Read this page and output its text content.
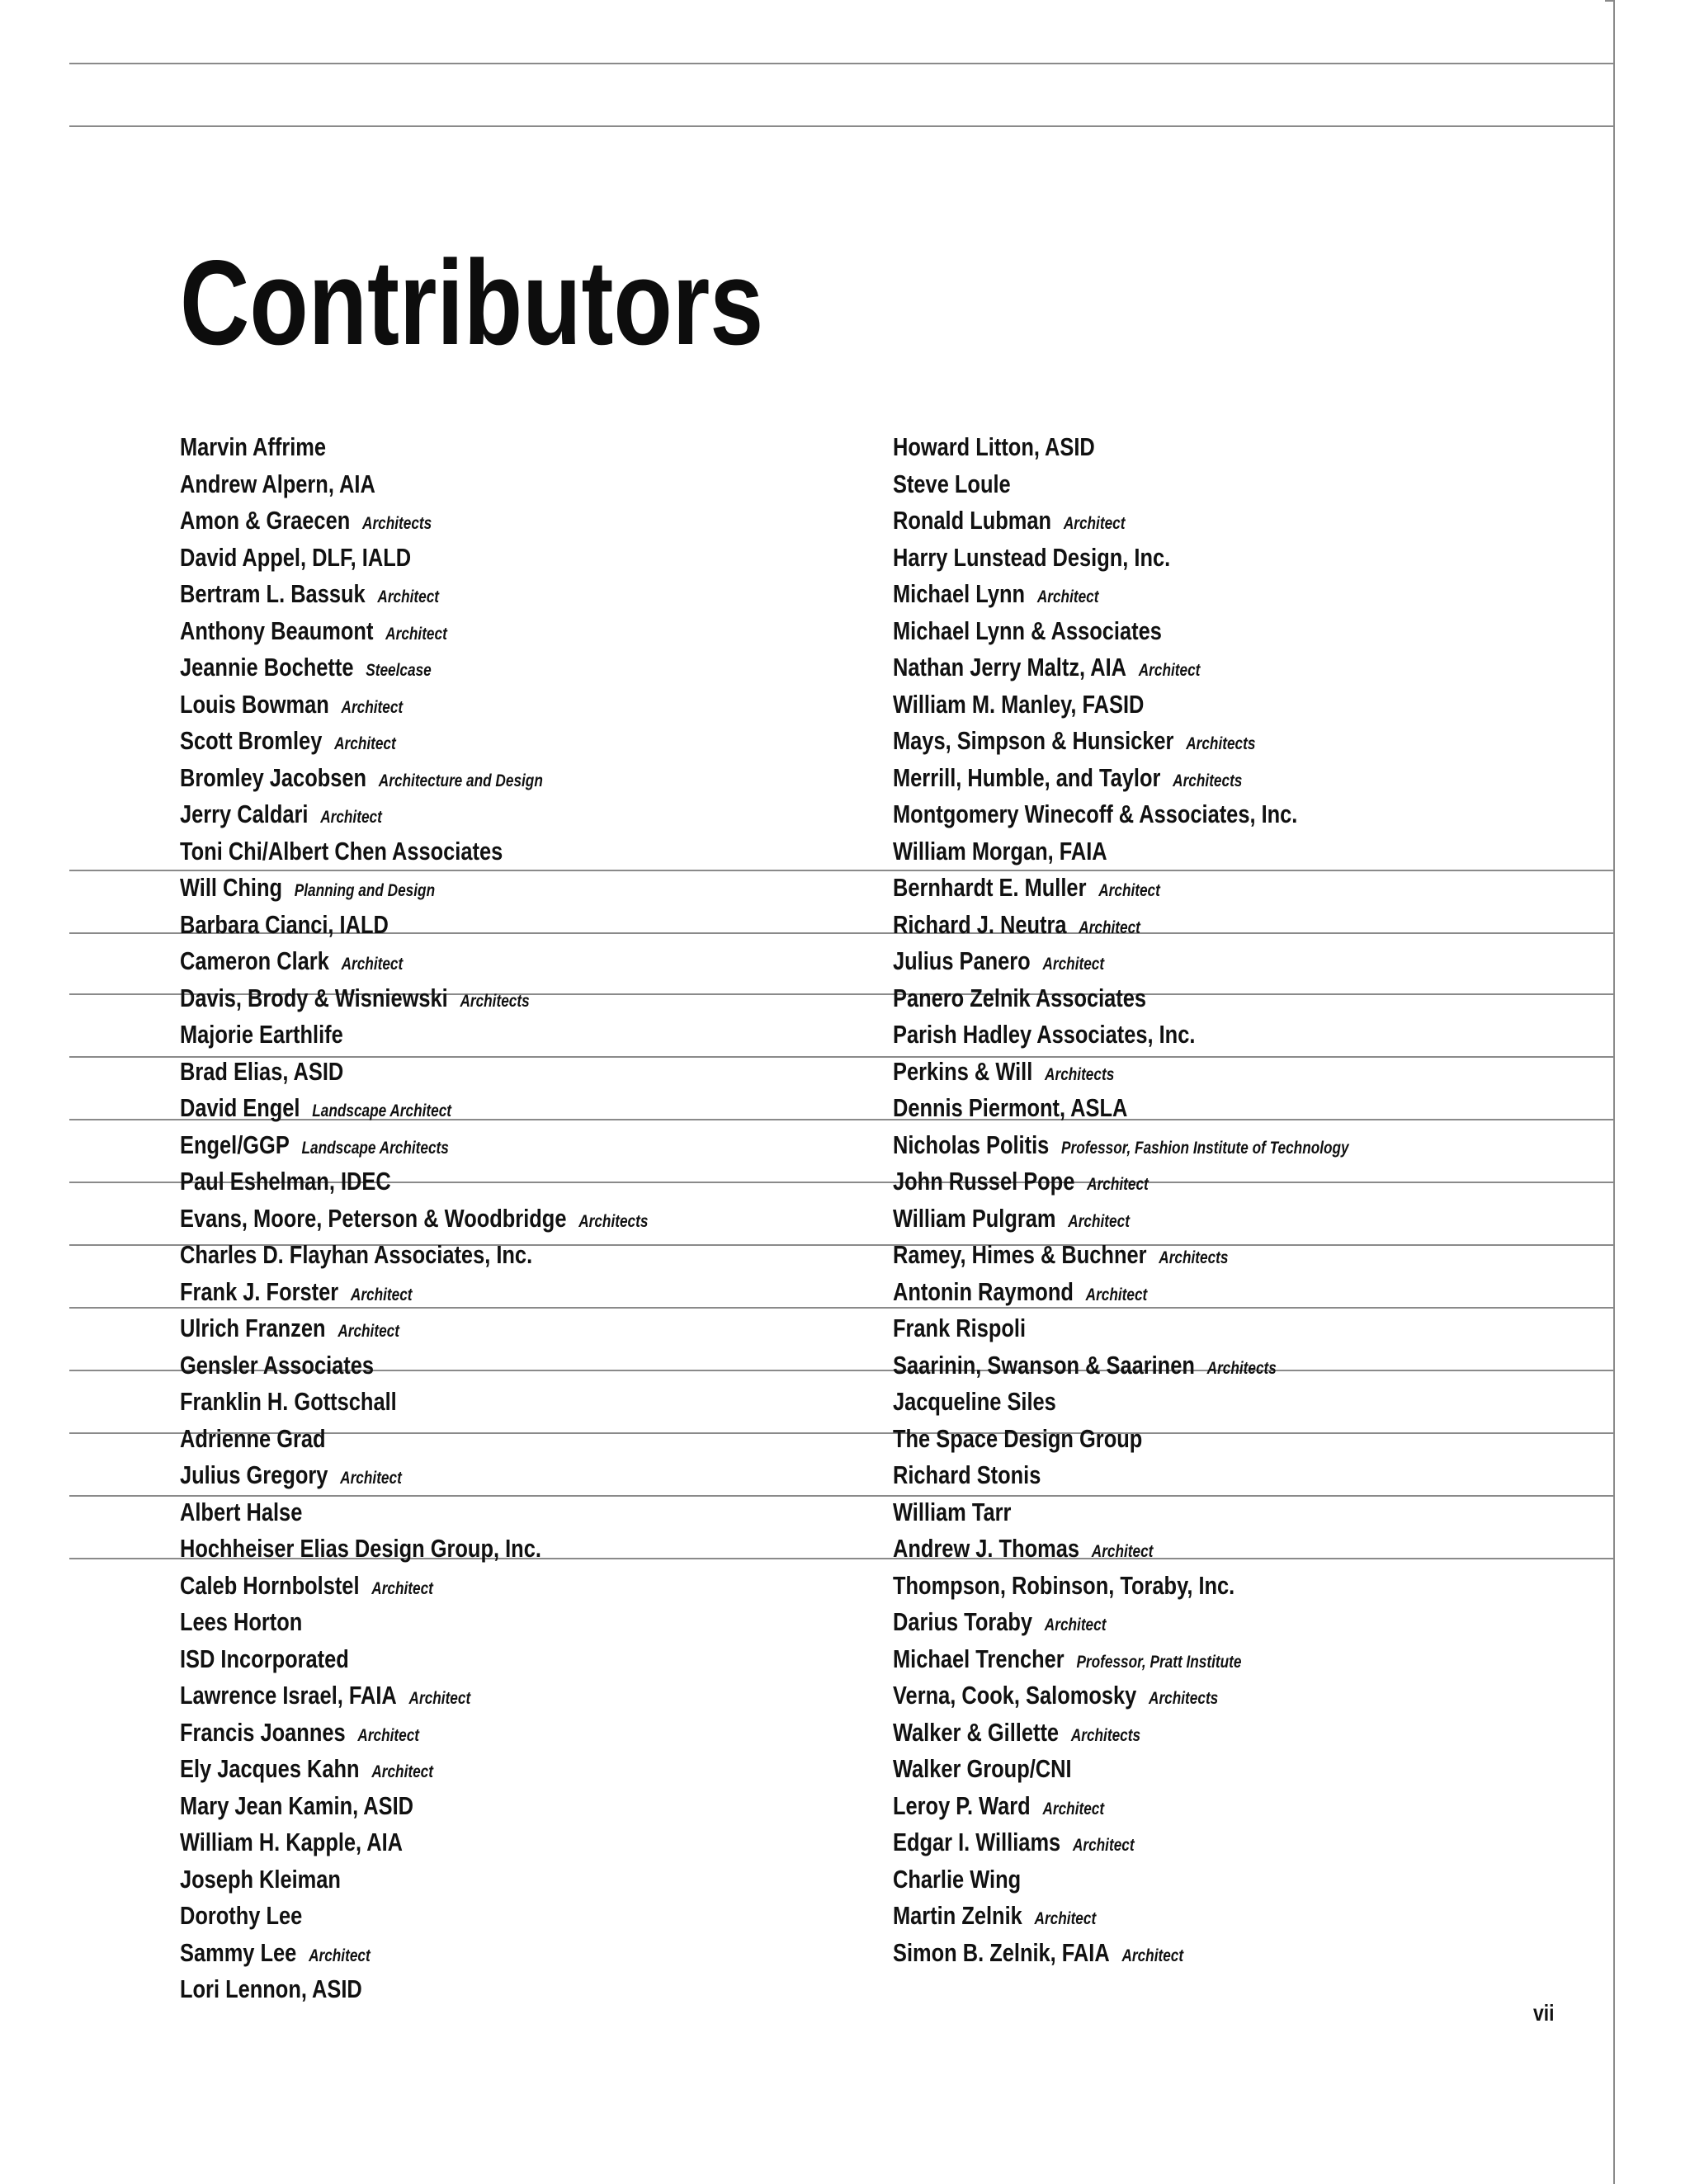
Contributors
Marvin Affrime
Andrew Alpern, AIA
Amon & Graecen Architects
David Appel, DLF, IALD
Bertram L. Bassuk Architect
Anthony Beaumont Architect
Jeannie Bochette Steelcase
Louis Bowman Architect
Scott Bromley Architect
Bromley Jacobsen Architecture and Design
Jerry Caldari Architect
Toni Chi/Albert Chen Associates
Will Ching Planning and Design
Barbara Cianci, IALD
Cameron Clark Architect
Davis, Brody & Wisniewski Architects
Majorie Earthlife
Brad Elias, ASID
David Engel Landscape Architect
Engel/GGP Landscape Architects
Paul Eshelman, IDEC
Evans, Moore, Peterson & Woodbridge Architects
Charles D. Flayhan Associates, Inc.
Frank J. Forster Architect
Ulrich Franzen Architect
Gensler Associates
Franklin H. Gottschall
Adrienne Grad
Julius Gregory Architect
Albert Halse
Hochheiser Elias Design Group, Inc.
Caleb Hornbolstel Architect
Lees Horton
ISD Incorporated
Lawrence Israel, FAIA Architect
Francis Joannes Architect
Ely Jacques Kahn Architect
Mary Jean Kamin, ASID
William H. Kapple, AIA
Joseph Kleiman
Dorothy Lee
Sammy Lee Architect
Lori Lennon, ASID
Howard Litton, ASID
Steve Loule
Ronald Lubman Architect
Harry Lunstead Design, Inc.
Michael Lynn Architect
Michael Lynn & Associates
Nathan Jerry Maltz, AIA Architect
William M. Manley, FASID
Mays, Simpson & Hunsicker Architects
Merrill, Humble, and Taylor Architects
Montgomery Winecoff & Associates, Inc.
William Morgan, FAIA
Bernhardt E. Muller Architect
Richard J. Neutra Architect
Julius Panero Architect
Panero Zelnik Associates
Parish Hadley Associates, Inc.
Perkins & Will Architects
Dennis Piermont, ASLA
Nicholas Politis Professor, Fashion Institute of Technology
John Russel Pope Architect
William Pulgram Architect
Ramey, Himes & Buchner Architects
Antonin Raymond Architect
Frank Rispoli
Saarinin, Swanson & Saarinen Architects
Jacqueline Siles
The Space Design Group
Richard Stonis
William Tarr
Andrew J. Thomas Architect
Thompson, Robinson, Toraby, Inc.
Darius Toraby Architect
Michael Trencher Professor, Pratt Institute
Verna, Cook, Salomosky Architects
Walker & Gillette Architects
Walker Group/CNI
Leroy P. Ward Architect
Edgar I. Williams Architect
Charlie Wing
Martin Zelnik Architect
Simon B. Zelnik, FAIA Architect
vii
